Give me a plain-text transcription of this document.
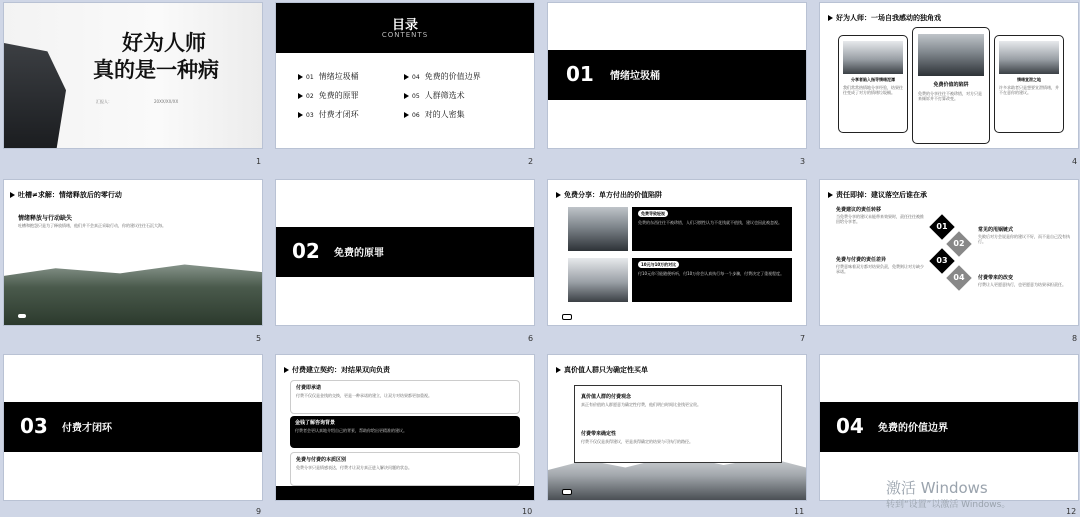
好为人师
真的是一种病
汇报人：	20XX/XX/XX
1
目录
CONTENTS
01 情绪垃圾桶
02 免费的原罪
03 付费才闭环
04 免费的价值边界
05 人群筛选术
06 对的人密集
2
01 情绪垃圾桶
3
好为人师：一场自我感动的独角戏
分享者陷入指导情绪泥潭
我们常常热情地分享经验，结果往往变成了对方的情绪垃圾桶。
免费价值的陷阱
免费的分享往往不被珍惜，对方只是来倾诉并不打算改变。
情绪宣泄之地
许多求助者只是想要宣泄情绪，并不在意你的建议。
4
吐槽≠求解：情绪释放后的零行动
情绪释放与行动缺失
吐槽和抱怨只是为了释放情绪，他们并不会真正采取行动，你的建议往往石沉大海。
5
02 免费的原罪
6
免费分享：单方付出的价值陷阱
免费导致轻视
免费的东西往往不被珍惜，人们习惯性认为不花钱就不值钱，建议也因此被忽视。
10元与10万的对比
付10元你可能随便听听，付10万你会认真执行每一个步骤，付费决定了重视程度。
7
责任即掉：建议落空后谁在承
免费建议的责任转移
当免费分享的建议未能带来效果时，责任往往被推回给分享者。
免费与付费的责任差异
付费意味着双方都对结果负责，免费则让对方缺少承诺。
01
02
03
04
常见的甩锅链式
失败后对方会说是你的建议不好，而不是自己没有执行。
付费带来的改变
付费让人更愿意执行，也更愿意为结果承担责任。
8
03 付费才闭环
9
付费建立契约：对结果双向负责
付费即承诺
付费不仅仅是金钱的交换，更是一种承诺的建立，让双方对结果都更加重视。
金钱了解咨询背景
付费者会更认真地介绍自己的背景，帮助你给出更精准的建议。
免费与付费的本质区别
免费分享只是情感表达，付费才让双方真正进入解决问题的状态。
10
真价值人群只为确定性买单
真价值人群的付费观念
真正有价值的人群愿意为确定性付费，他们明白时间比金钱更宝贵。
付费带来确定性
付费不仅仅是获得建议，更是获得确定的结果与可执行的路径。
11
04 免费的价值边界
12
激活 Windows
转到“设置”以激活 Windows。
